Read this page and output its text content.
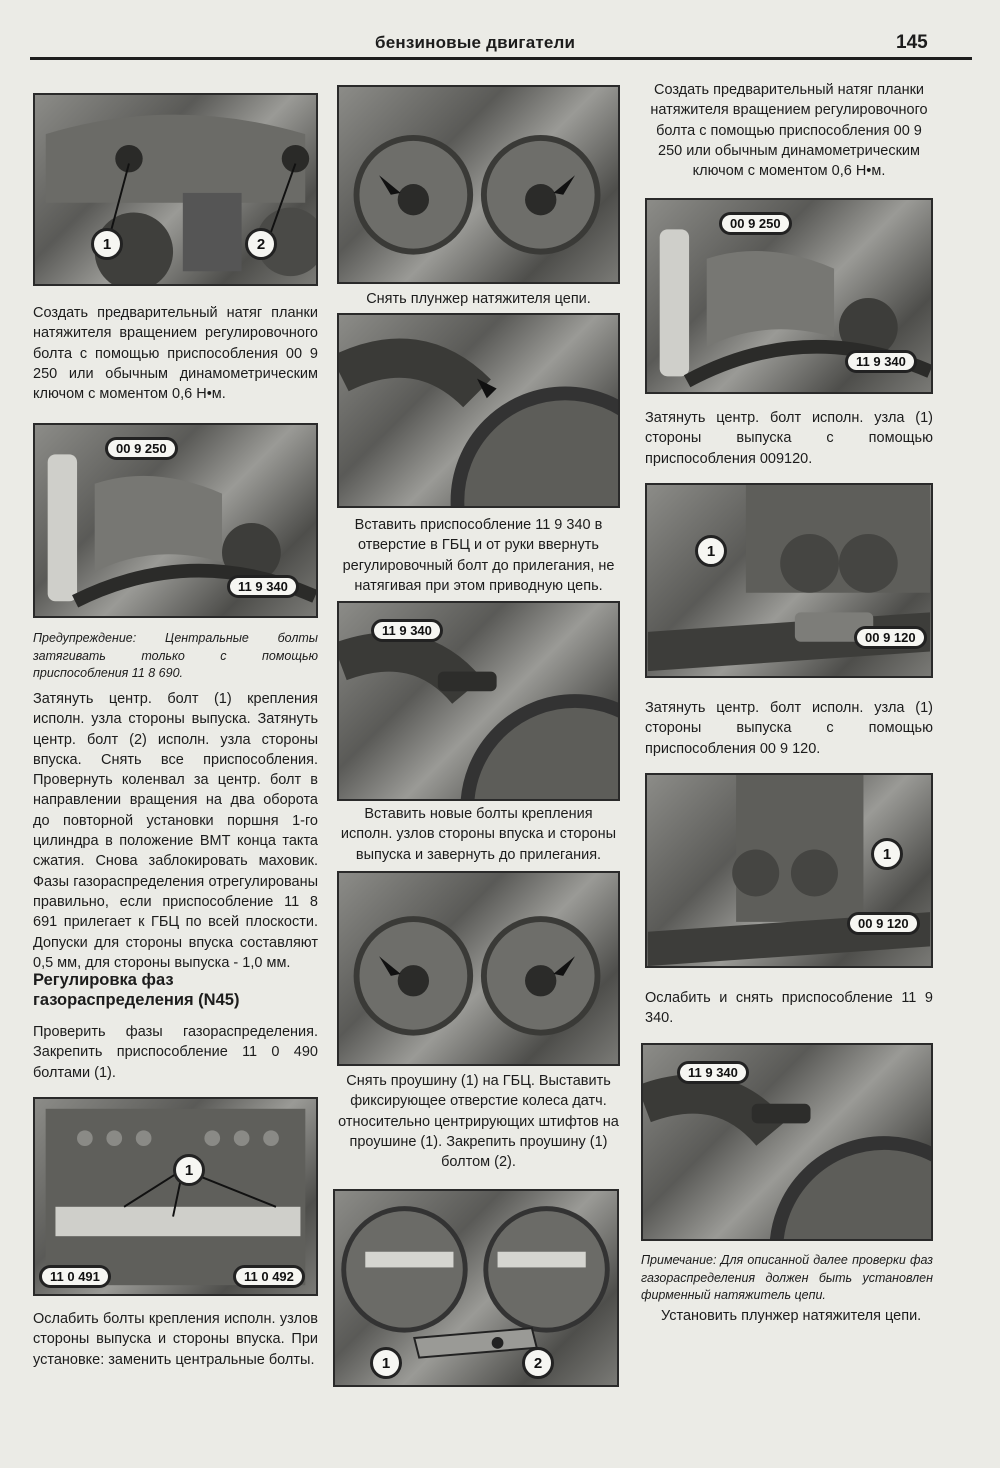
бензиновые двигатели	145
1	2
Создать предварительный натяг планки натяжителя вращением регулировочного болта с помощью приспособления 00 9 250 или обычным динамометрическим ключом с моментом 0,6 Н•м.
00 9 250
11 9 340
Предупреждение: Центральные болты затягивать только с помощью приспособления 11 8 690.
Затянуть центр. болт (1) крепления исполн. узла стороны выпуска. Затянуть центр. болт (2) исполн. узла стороны впуска. Снять все приспособления. Провернуть коленвал за центр. болт в направлении вращения на два оборота до повторной установки поршня 1-го цилиндра в положение ВМТ конца такта сжатия. Снова заблокировать маховик. Фазы газораспределения отрегулированы правильно, если приспособление 11 8 691 прилегает к ГБЦ по всей плоскости. Допуски для стороны впуска составляют 0,5 мм, для стороны выпуска - 1,0 мм.
Регулировка фаз газораспределения (N45)
Проверить фазы газораспределения. Закрепить приспособление 11 0 490 болтами (1).
1
11 0 491	11 0 492
Ослабить болты крепления исполн. узлов стороны выпуска и стороны впуска. При установке: заменить центральные болты.
Снять плунжер натяжителя цепи.
Вставить приспособление 11 9 340 в отверстие в ГБЦ и от руки ввернуть регулировочный болт до прилегания, не натягивая при этом приводную цепь.
11 9 340
Вставить новые болты крепления исполн. узлов стороны впуска и стороны выпуска и завернуть до прилегания.
Снять проушину (1) на ГБЦ. Выставить фиксирующее отверстие колеса датч. относительно центрирующих штифтов на проушине (1). Закрепить проушину (1) болтом (2).
1	2
Создать предварительный натяг планки натяжителя вращением регулировочного болта с помощью приспособления 00 9 250 или обычным динамометрическим ключом с моментом 0,6 Н•м.
00 9 250
11 9 340
Затянуть центр. болт исполн. узла (1) стороны выпуска с помощью приспособления 009120.
1
00 9 120
Затянуть центр. болт исполн. узла (1) стороны выпуска с помощью приспособления 00 9 120.
1
00 9 120
Ослабить и снять приспособление 11 9 340.
11 9 340
Примечание: Для описанной далее проверки фаз газораспределения должен быть установлен фирменный натяжитель цепи.
Установить плунжер натяжителя цепи.
